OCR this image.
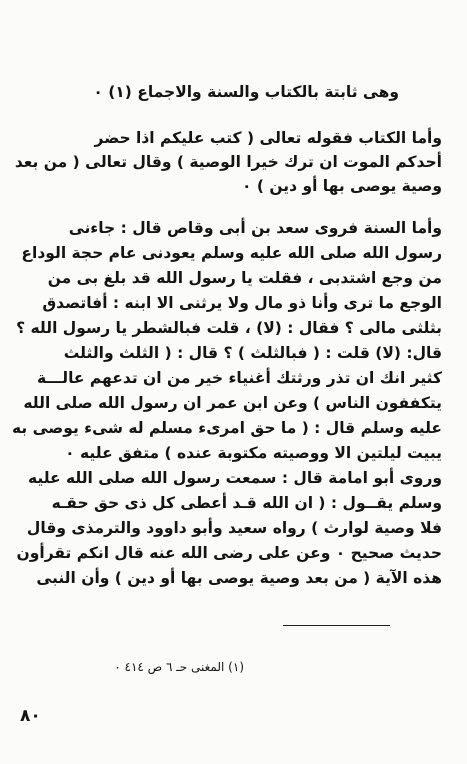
وهى ثابتة بالكتاب والسنة والاجماع (١) ٠
وأما الكتاب فقوله تعالى ( كتب عليكم اذا حضر
أحدكم الموت ان ترك خيرا الوصية ) وقال تعالى ( من بعد
وصية يوصى بها أو دين ) ٠
وأما السنة فروى سعد بن أبى وقاص قال : جاءنى
رسول الله صلى الله عليه وسلم يعودنى عام حجة الوداع
من وجع اشتدبى ، فقلت يا رسول الله قد بلغ بى من
الوجع ما ترى وأنا ذو مال ولا يرثنى الا ابنه : أفاتصدق
بثلثى مالى ؟ فقال : (لا) ، قلت فبالشطر يا رسول الله ؟
قال: (لا) قلت : ( فبالثلث ) ؟ قال : ( الثلث والثلث
كثير انك ان تذر ورثتك أغنياء خير من ان تدعهم عالـــة
يتكففون الناس ) وعن ابن عمر ان رسول الله صلى الله
عليه وسلم قال : ( ما حق امرىء مسلم له شىء يوصى به
يبيت ليلتين الا ووصيته مكتوبة عنده ) متفق عليه ٠
وروى أبو امامة قال : سمعت رسول الله صلى الله عليه
وسلم يقــول : ( ان الله قـد أعطى كل ذى حق حقـه
فلا وصية لوارث ) رواه سعيد وأبو داوود والترمذى وقال
حديث صحيح ٠ وعن على رضى الله عنه قال انكم تقرأون
هذه الآية ( من بعد وصية يوصى بها أو دين ) وأن النبى
(١) المغنى حـ ٦ ص ٤١٤ ٠
٨٠
